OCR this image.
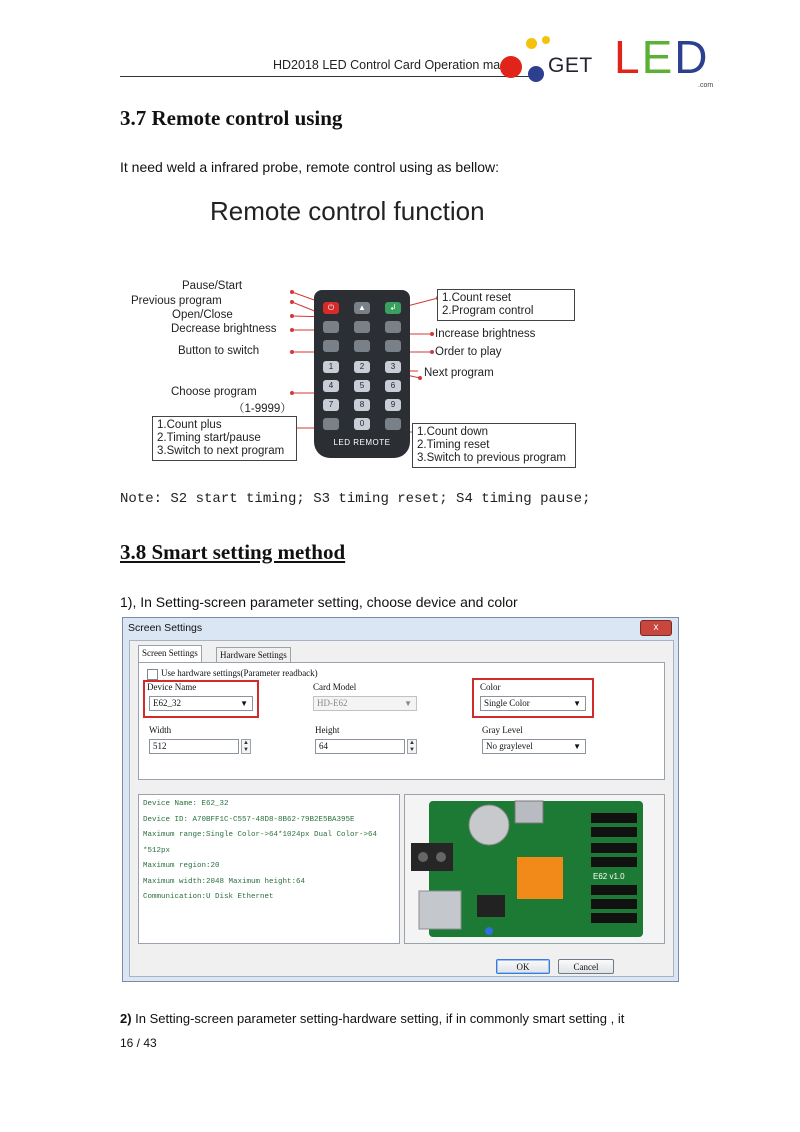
HD2018 LED Control Card Operation ma GET LED
.com
3.7 Remote control using
It need weld a infrared probe, remote control using as bellow:
Remote control function
Pause/Start
Previous program
Open/Close
Decrease brightness
Button to switch
Choose program
（1-9999）
1.Count reset
2.Program control
Increase brightness
Order to play
Next program
1.Count plus
2.Timing start/pause
3.Switch to next program
1.Count down
2.Timing reset
3.Switch to previous program
⏻	▲	↲
1	2	3
4	5	6
7	8	9
0
LED REMOTE
Note: S2 start timing; S3 timing reset; S4 timing pause;
3.8 Smart setting method
1), In Setting-screen parameter setting, choose device and color
Screen Settings	x
Screen Settings	Hardware Settings
Use hardware settings(Parameter readback)
Device Name
E62_32	▼
Card Model
HD-E62	▼
Color
Single Color	▼
Width
512	▲
▼
Height
64	▲
▼
Gray Level
No graylevel	▼
Device Name: E62_32
Device ID: A70BFF1C-C557-48D8-8B62-79B2E5BA395E
Maximum range:Single Color->64*1024px Dual Color->64
*512px
Maximum region:20
Maximum width:2048 Maximum height:64
Communication:U Disk Ethernet
E62 v1.0
OK	Cancel
2) In Setting-screen parameter setting-hardware setting, if in commonly smart setting , it
16 / 43
